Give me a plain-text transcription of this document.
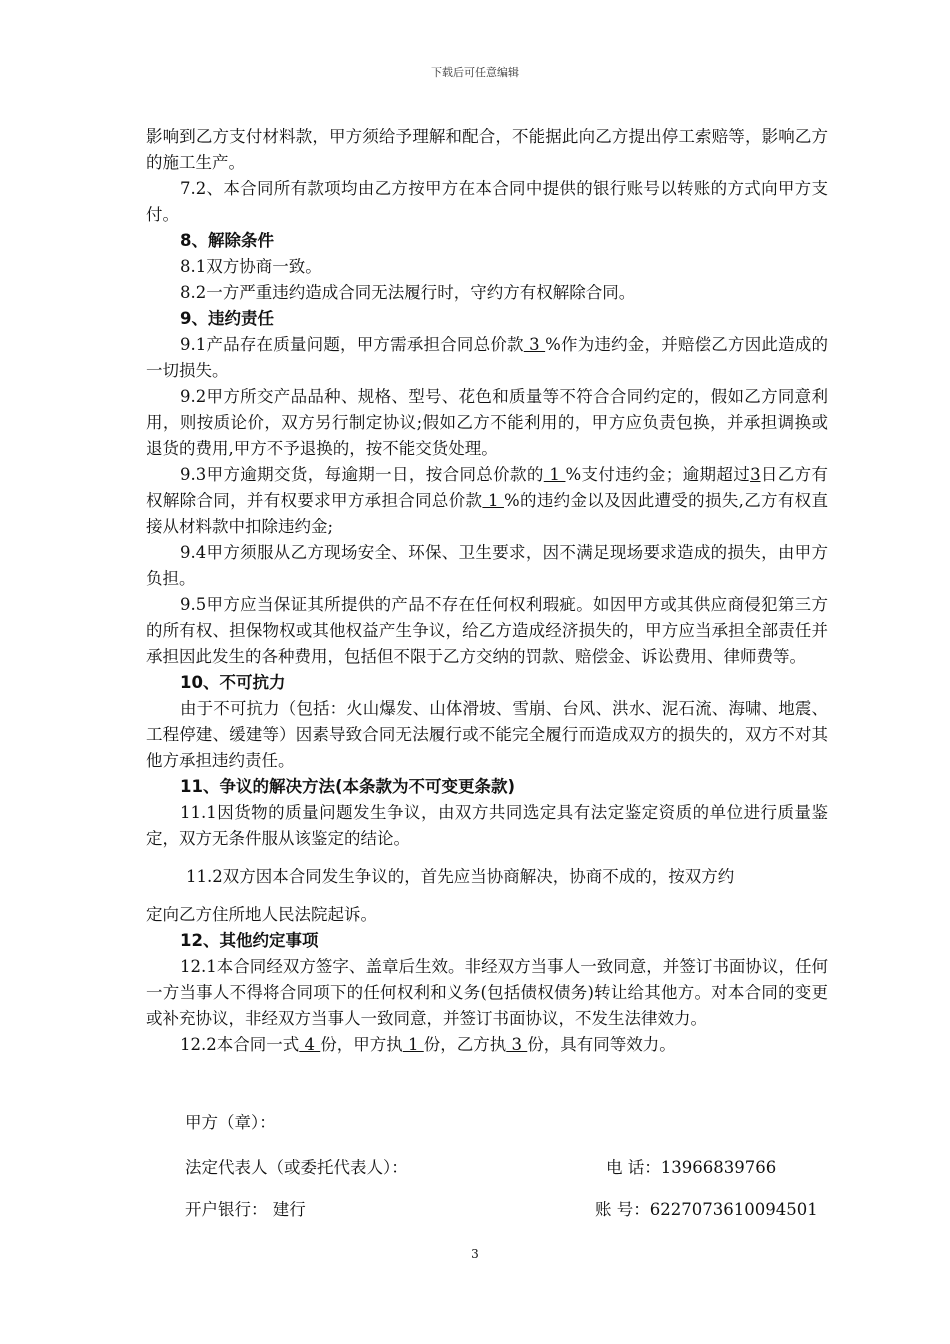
下载后可任意编辑

影响到乙方支付材料款，甲方须给予理解和配合，不能据此向乙方提出停工索赔等，影响乙方的施工生产。

7.2、本合同所有款项均由乙方按甲方在本合同中提供的银行账号以转账的方式向甲方支付。

8、解除条件

8.1双方协商一致。

8.2一方严重违约造成合同无法履行时，守约方有权解除合同。

9、违约责任

9.1产品存在质量问题，甲方需承担合同总价款 3 %作为违约金，并赔偿乙方因此造成的一切损失。

9.2甲方所交产品品种、规格、型号、花色和质量等不符合合同约定的，假如乙方同意利用，则按质论价，双方另行制定协议;假如乙方不能利用的，甲方应负责包换，并承担调换或退货的费用,甲方不予退换的，按不能交货处理。

9.3甲方逾期交货，每逾期一日，按合同总价款的 1 %支付违约金；逾期超过3日乙方有权解除合同，并有权要求甲方承担合同总价款 1 %的违约金以及因此遭受的损失,乙方有权直接从材料款中扣除违约金;

9.4甲方须服从乙方现场安全、环保、卫生要求，因不满足现场要求造成的损失，由甲方负担。

9.5甲方应当保证其所提供的产品不存在任何权利瑕疵。如因甲方或其供应商侵犯第三方的所有权、担保物权或其他权益产生争议，给乙方造成经济损失的，甲方应当承担全部责任并承担因此发生的各种费用，包括但不限于乙方交纳的罚款、赔偿金、诉讼费用、律师费等。

10、不可抗力

由于不可抗力（包括：火山爆发、山体滑坡、雪崩、台风、洪水、泥石流、海啸、地震、工程停建、缓建等）因素导致合同无法履行或不能完全履行而造成双方的损失的，双方不对其他方承担违约责任。

11、争议的解决方法(本条款为不可变更条款)

11.1因货物的质量问题发生争议，由双方共同选定具有法定鉴定资质的单位进行质量鉴定，双方无条件服从该鉴定的结论。

11.2双方因本合同发生争议的，首先应当协商解决，协商不成的，按双方约

定向乙方住所地人民法院起诉。

12、其他约定事项

12.1本合同经双方签字、盖章后生效。非经双方当事人一致同意，并签订书面协议，任何一方当事人不得将合同项下的任何权利和义务(包括债权债务)转让给其他方。对本合同的变更或补充协议，非经双方当事人一致同意，并签订书面协议，不发生法律效力。

12.2本合同一式 4 份，甲方执 1 份，乙方执 3 份，具有同等效力。

甲方（章）：
法定代表人（或委托代表人）：	电 话：13966839766
开户银行： 建行	账 号：6227073610094501
3
